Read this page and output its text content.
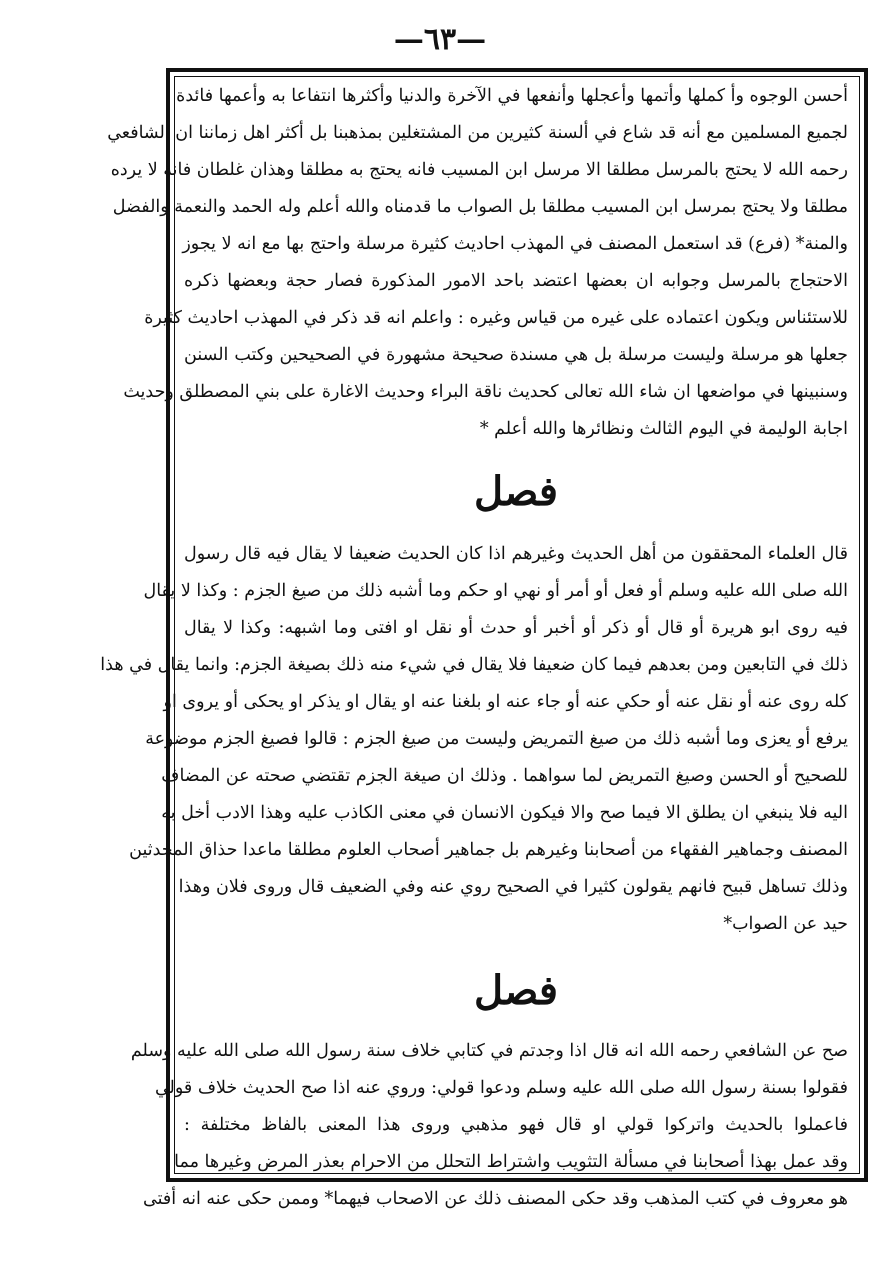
—٦٣—
أحسن الوجوه وأ كملها وأتمها وأعجلها وأنفعها في الآخرة والدنيا وأكثرها انتفاعا به وأعمها فائدة
لجميع المسلمين مع أنه قد شاع في ألسنة كثيرين من المشتغلين بمذهبنا بل أكثر اهل زماننا ان الشافعي
رحمه الله لا يحتج بالمرسل مطلقا الا مرسل ابن المسيب فانه يحتج به مطلقا وهذان غلطان فانه لا يرده
مطلقا ولا يحتج بمرسل ابن المسيب مطلقا بل الصواب ما قدمناه والله أعلم وله الحمد والنعمة والفضل
والمنة* (فرع) قد استعمل المصنف في المهذب احاديث كثيرة مرسلة واحتج بها مع انه لا يجوز
الاحتجاج بالمرسل وجوابه ان بعضها اعتضد باحد الامور المذكورة فصار حجة وبعضها ذكره
للاستئناس ويكون اعتماده على غيره من قياس وغيره : واعلم انه قد ذكر في المهذب احاديث كثيرة
جعلها هو مرسلة وليست مرسلة بل هي مسندة صحيحة مشهورة في الصحيحين وكتب السنن
وسنبينها في مواضعها ان شاء الله تعالى كحديث ناقة البراء وحديث الاغارة على بني المصطلق وحديث
اجابة الوليمة في اليوم الثالث ونظائرها والله أعلم *
فصل
قال العلماء المحققون من أهل الحديث وغيرهم اذا كان الحديث ضعيفا لا يقال فيه قال رسول
الله صلى الله عليه وسلم أو فعل أو أمر أو نهي او حكم وما أشبه ذلك من صيغ الجزم : وكذا لا يقال
فيه روى ابو هريرة أو قال أو ذكر أو أخبر أو حدث أو نقل او افتى وما اشبهه: وكذا لا يقال
ذلك في التابعين ومن بعدهم فيما كان ضعيفا فلا يقال في شيء منه ذلك بصيغة الجزم: وانما يقال في هذا
كله روى عنه أو نقل عنه أو حكي عنه أو جاء عنه او بلغنا عنه او يقال او يذكر او يحكى أو يروى او
يرفع أو يعزى وما أشبه ذلك من صيغ التمريض وليست من صيغ الجزم : قالوا فصيغ الجزم موضوعة
للصحيح أو الحسن وصيغ التمريض لما سواهما . وذلك ان صيغة الجزم تقتضي صحته عن المضاف
اليه فلا ينبغي ان يطلق الا فيما صح والا فيكون الانسان في معنى الكاذب عليه وهذا الادب أخل به
المصنف وجماهير الفقهاء من أصحابنا وغيرهم بل جماهير أصحاب العلوم مطلقا ماعدا حذاق المحدثين
وذلك تساهل قبيح فانهم يقولون كثيرا في الصحيح روي عنه وفي الضعيف قال وروى فلان وهذا
حيد عن الصواب*
فصل
صح عن الشافعي رحمه الله انه قال اذا وجدتم في كتابي خلاف سنة رسول الله صلى الله عليه وسلم
فقولوا بسنة رسول الله صلى الله عليه وسلم ودعوا قولي: وروي عنه اذا صح الحديث خلاف قولي
فاعملوا بالحديث واتركوا قولي او قال فهو مذهبي وروى هذا المعنى بالفاظ مختلفة :
وقد عمل بهذا أصحابنا في مسألة التثويب واشتراط التحلل من الاحرام بعذر المرض وغيرها مما
هو معروف في كتب المذهب وقد حكى المصنف ذلك عن الاصحاب فيهما* وممن حكى عنه انه أفتى
